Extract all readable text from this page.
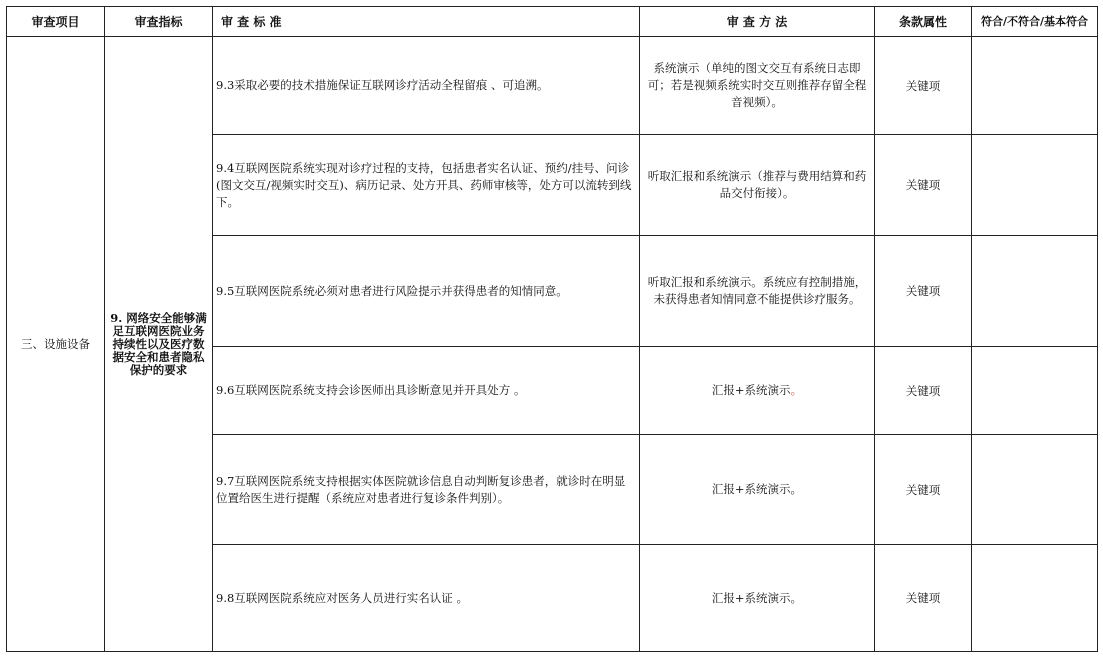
审查项目	审查指标	审 查 标 准	审 查 方 法	条款属性	符合/不符合/基本符合
三、设施设备	9. 网络安全能够满足互联网医院业务持续性以及医疗数据安全和患者隐私保护的要求	9.3采取必要的技术措施保证互联网诊疗活动全程留痕 、可追溯。	系统演示（单纯的图文交互有系统日志即可；若是视频系统实时交互则推荐存留全程音视频）。	关键项	
		9.4互联网医院系统实现对诊疗过程的支持，包括患者实名认证、预约/挂号、问诊(图文交互/视频实时交互)、病历记录、处方开具、药师审核等，处方可以流转到线下。	听取汇报和系统演示（推荐与费用结算和药品交付衔接）。	关键项	
		9.5互联网医院系统必须对患者进行风险提示并获得患者的知情同意。	听取汇报和系统演示。系统应有控制措施，未获得患者知情同意不能提供诊疗服务。	关键项	
		9.6互联网医院系统支持会诊医师出具诊断意见并开具处方 。	汇报+系统演示。	关键项	
		9.7互联网医院系统支持根据实体医院就诊信息自动判断复诊患者，就诊时在明显位置给医生进行提醒（系统应对患者进行复诊条件判别）。	汇报+系统演示。	关键项	
		9.8互联网医院系统应对医务人员进行实名认证 。	汇报+系统演示。	关键项	
